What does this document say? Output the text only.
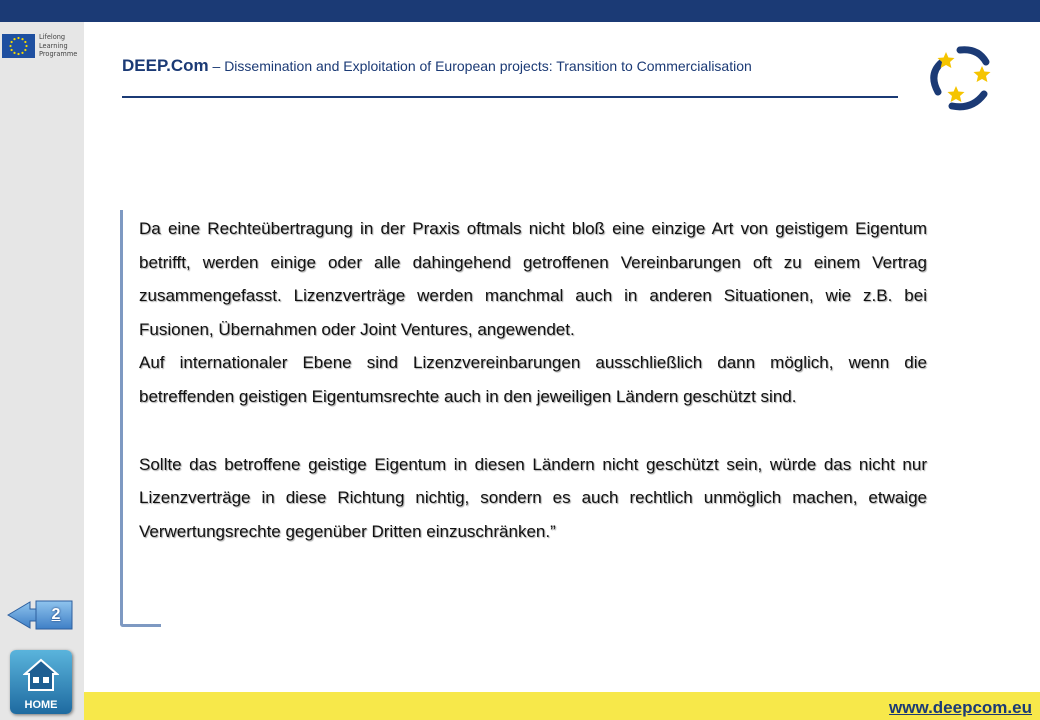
Lifelong
Learning
Programme
DEEP.Com – Dissemination and Exploitation of European projects: Transition to Commercialisation

Da eine Rechteübertragung in der Praxis oftmals nicht bloß eine einzige Art von geistigem Eigentum betrifft, werden einige oder alle dahingehend getroffenen Vereinbarungen oft zu einem Vertrag zusammengefasst. Lizenzverträge werden manchmal auch in anderen Situationen, wie z.B. bei Fusionen, Übernahmen oder Joint Ventures, angewendet.

Auf internationaler Ebene sind Lizenzvereinbarungen ausschließlich dann möglich, wenn die betreffenden geistigen Eigentumsrechte auch in den jeweiligen Ländern geschützt sind.

Sollte das betroffene geistige Eigentum in diesen Ländern nicht geschützt sein, würde das nicht nur Lizenzverträge in diese Richtung nichtig, sondern es auch rechtlich unmöglich machen, etwaige Verwertungsrechte gegenüber Dritten einzuschränken.”

2
HOME	www.deepcom.eu
